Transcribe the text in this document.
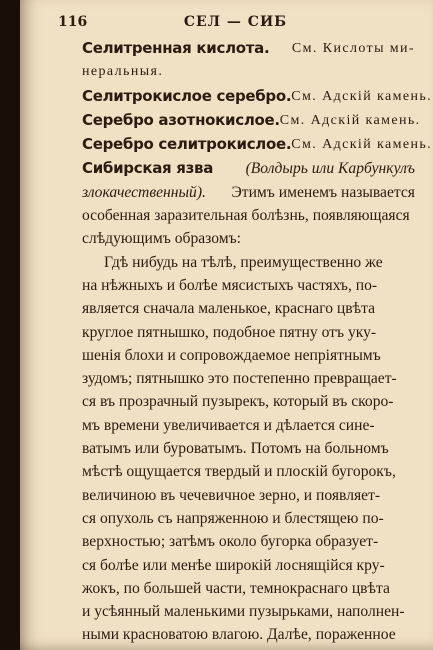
116	СЕЛ — СИБ
Селитренная кислота. См. Кислоты ми-
неральныя.
Селитрокислое серебро. См. Адскій камень.
Серебро азотнокислое. См. Адскій камень.
Серебро селитрокислое. См. Адскій камень.
Сибирская язва (Волдырь или Карбункулъ
злокачественный). Этимъ именемъ называется
особенная заразительная болѣзнь, появляющаяся
слѣдующимъ образомъ:
Гдѣ нибудь на тѣлѣ, преимущественно же
на нѣжныхъ и болѣе мясистыхъ частяхъ, по-
является сначала маленькое, краснаго цвѣта
круглое пятнышко, подобное пятну отъ уку-
шенія блохи и сопровождаемое непріятнымъ
зудомъ; пятнышко это постепенно превращает-
ся въ прозрачный пузырекъ, который въ скоро-
мъ времени увеличивается и дѣлается сине-
ватымъ или буроватымъ. Потомъ на больномъ
мѣстѣ ощущается твердый и плоскій бугорокъ,
величиною въ чечевичное зерно, и появляет-
ся опухоль съ напряженною и блестящею по-
верхностью; затѣмъ около бугорка образует-
ся болѣе или менѣе широкій лоснящійся кру-
жокъ, по большей части, темнокраснаго цвѣта
и усѣянный маленькими пузырьками, наполнен-
ными красноватою влагою. Далѣе, пораженное
